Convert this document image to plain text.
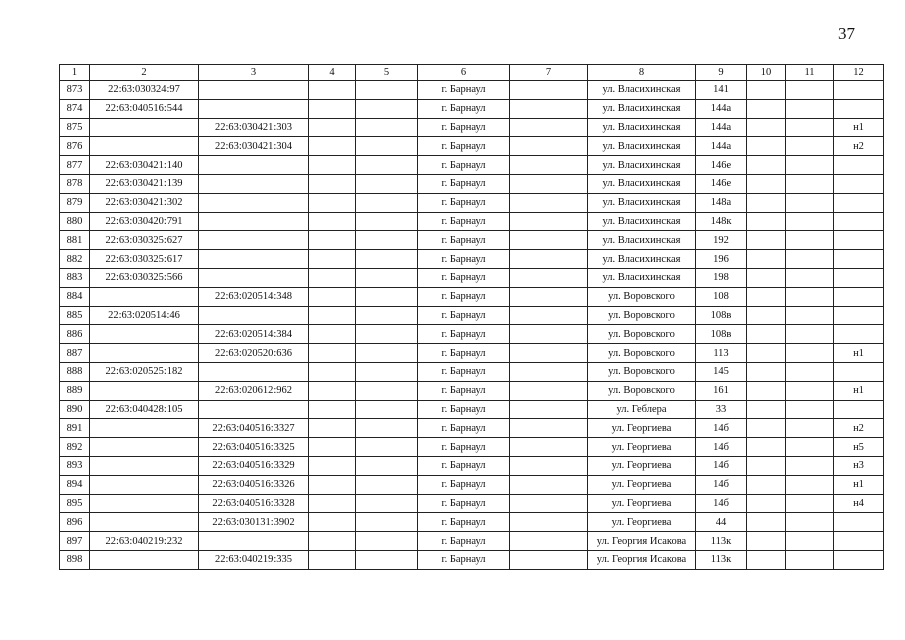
37
1	2	3	4	5	6	7	8	9	10	11	12
873	22:63:030324:97				г. Барнаул		ул. Власихинская	141			
874	22:63:040516:544				г. Барнаул		ул. Власихинская	144а			
875		22:63:030421:303			г. Барнаул		ул. Власихинская	144а			н1
876		22:63:030421:304			г. Барнаул		ул. Власихинская	144а			н2
877	22:63:030421:140				г. Барнаул		ул. Власихинская	146е			
878	22:63:030421:139				г. Барнаул		ул. Власихинская	146е			
879	22:63:030421:302				г. Барнаул		ул. Власихинская	148а			
880	22:63:030420:791				г. Барнаул		ул. Власихинская	148к			
881	22:63:030325:627				г. Барнаул		ул. Власихинская	192			
882	22:63:030325:617				г. Барнаул		ул. Власихинская	196			
883	22:63:030325:566				г. Барнаул		ул. Власихинская	198			
884		22:63:020514:348			г. Барнаул		ул. Воровского	108			
885	22:63:020514:46				г. Барнаул		ул. Воровского	108в			
886		22:63:020514:384			г. Барнаул		ул. Воровского	108в			
887		22:63:020520:636			г. Барнаул		ул. Воровского	113			н1
888	22:63:020525:182				г. Барнаул		ул. Воровского	145			
889		22:63:020612:962			г. Барнаул		ул. Воровского	161			н1
890	22:63:040428:105				г. Барнаул		ул. Геблера	33			
891		22:63:040516:3327			г. Барнаул		ул. Георгиева	14б			н2
892		22:63:040516:3325			г. Барнаул		ул. Георгиева	14б			н5
893		22:63:040516:3329			г. Барнаул		ул. Георгиева	14б			н3
894		22:63:040516:3326			г. Барнаул		ул. Георгиева	14б			н1
895		22:63:040516:3328			г. Барнаул		ул. Георгиева	14б			н4
896		22:63:030131:3902			г. Барнаул		ул. Георгиева	44			
897	22:63:040219:232				г. Барнаул		ул. Георгия Исакова	113к			
898		22:63:040219:335			г. Барнаул		ул. Георгия Исакова	113к			
